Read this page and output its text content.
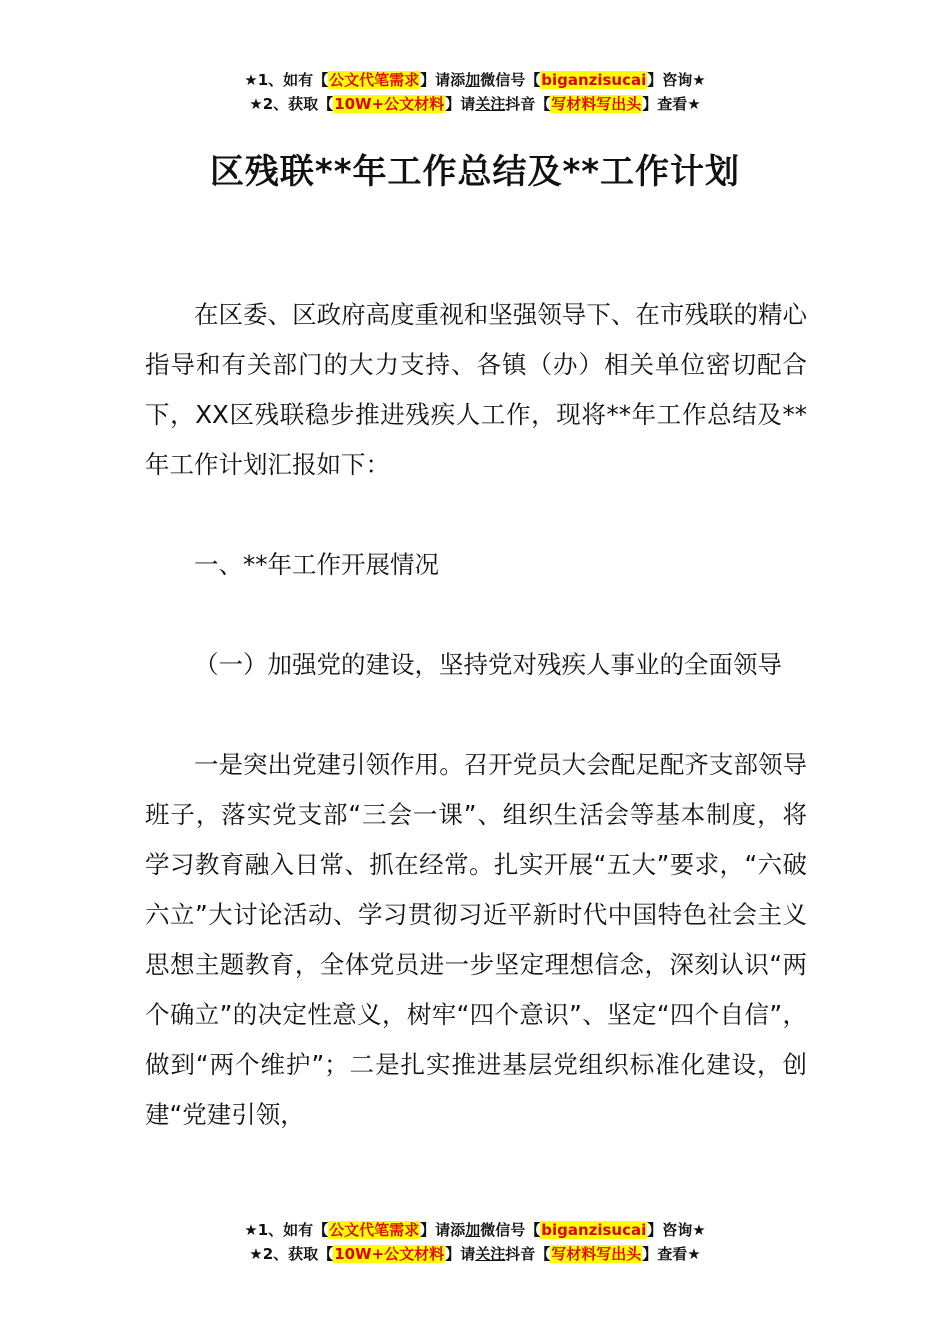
★1、如有【公文代笔需求】请添加微信号【biganzisucai】咨询★
★2、获取【10W+公文材料】请关注抖音【写材料写出头】查看★
区残联**年工作总结及**工作计划

在区委、区政府高度重视和坚强领导下、在市残联的精心指导和有关部门的大力支持、各镇（办）相关单位密切配合下，XX区残联稳步推进残疾人工作，现将**年工作总结及**年工作计划汇报如下：

一、**年工作开展情况

（一）加强党的建设，坚持党对残疾人事业的全面领导

一是突出党建引领作用。召开党员大会配足配齐支部领导班子，落实党支部“三会一课”、组织生活会等基本制度，将学习教育融入日常、抓在经常。扎实开展“五大”要求，“六破六立”大讨论活动、学习贯彻习近平新时代中国特色社会主义思想主题教育，全体党员进一步坚定理想信念，深刻认识“两个确立”的决定性意义，树牢“四个意识”、坚定“四个自信”，做到“两个维护”；二是扎实推进基层党组织标准化建设，创建“党建引领，

★1、如有【公文代笔需求】请添加微信号【biganzisucai】咨询★
★2、获取【10W+公文材料】请关注抖音【写材料写出头】查看★
